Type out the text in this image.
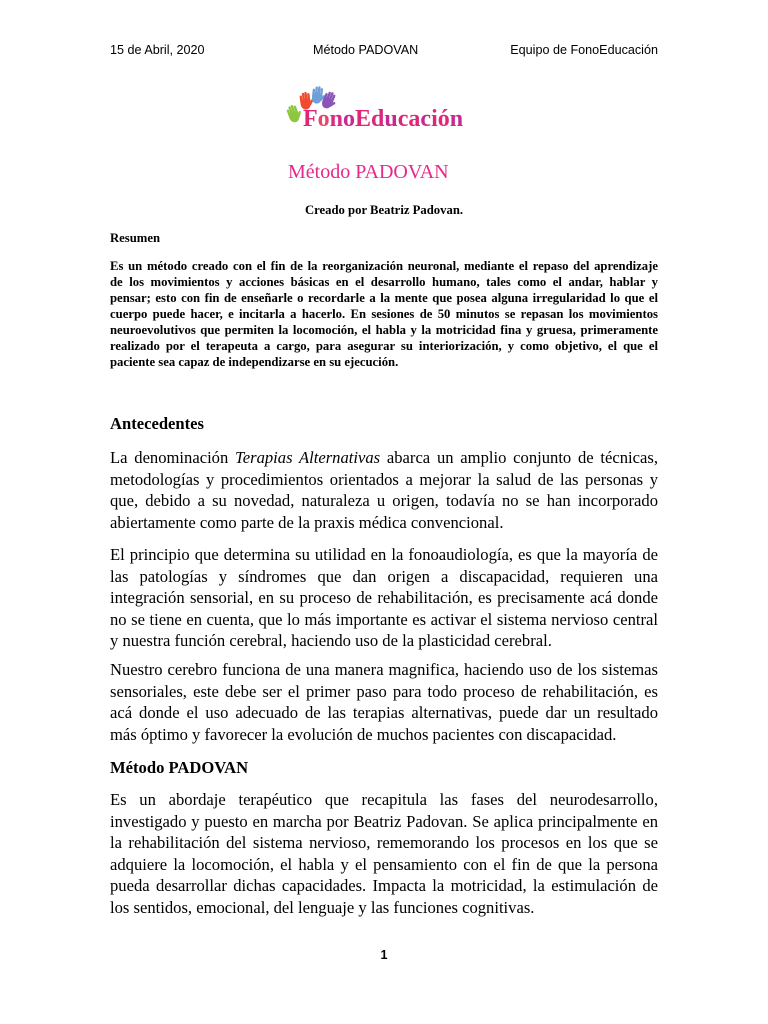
15 de Abril, 2020	Método PADOVAN	Equipo de FonoEducación
FonoEducación
Método PADOVAN
Creado por Beatriz Padovan.
Resumen
Es un método creado con el fin de la reorganización neuronal, mediante el repaso del aprendizaje
de los movimientos y acciones básicas en el desarrollo humano, tales como el andar, hablar y
pensar; esto con fin de enseñarle o recordarle a la mente que posea alguna irregularidad lo que el
cuerpo puede hacer, e incitarla a hacerlo. En sesiones de 50 minutos se repasan los movimientos
neuroevolutivos que permiten la locomoción, el habla y la motricidad fina y gruesa, primeramente
realizado por el terapeuta a cargo, para asegurar su interiorización, y como objetivo, el que el
paciente sea capaz de independizarse en su ejecución.
Antecedentes
La denominación Terapias Alternativas abarca un amplio conjunto de técnicas,
metodologías y procedimientos orientados a mejorar la salud de las personas y
que, debido a su novedad, naturaleza u origen, todavía no se han incorporado
abiertamente como parte de la praxis médica convencional.
El principio que determina su utilidad en la fonoaudiología, es que la mayoría de
las patologías y síndromes que dan origen a discapacidad, requieren una
integración sensorial, en su proceso de rehabilitación, es precisamente acá donde
no se tiene en cuenta, que lo más importante es activar el sistema nervioso central
y nuestra función cerebral, haciendo uso de la plasticidad cerebral.
Nuestro cerebro funciona de una manera magnifica, haciendo uso de los sistemas
sensoriales, este debe ser el primer paso para todo proceso de rehabilitación, es
acá donde el uso adecuado de las terapias alternativas, puede dar un resultado
más óptimo y favorecer la evolución de muchos pacientes con discapacidad.
Método PADOVAN
Es un abordaje terapéutico que recapitula las fases del neurodesarrollo,
investigado y puesto en marcha por Beatriz Padovan. Se aplica principalmente en
la rehabilitación del sistema nervioso, rememorando los procesos en los que se
adquiere la locomoción, el habla y el pensamiento con el fin de que la persona
pueda desarrollar dichas capacidades. Impacta la motricidad, la estimulación de
los sentidos, emocional, del lenguaje y las funciones cognitivas.
1
